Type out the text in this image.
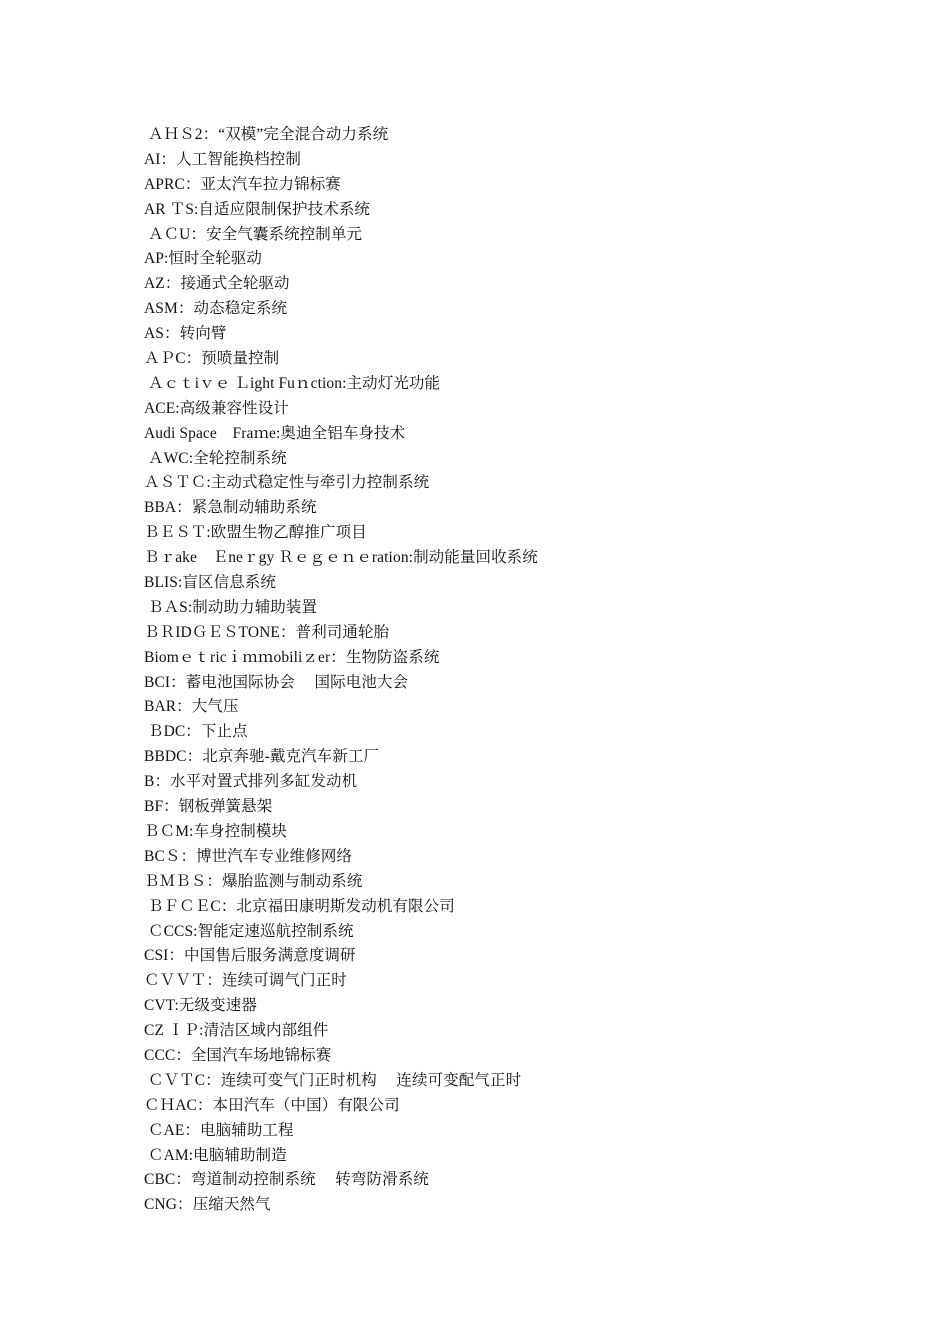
ＡＨＳ2：“双模”完全混合动力系统
AI：人工智能换档控制
APRC：亚太汽车拉力锦标赛
AR ＴS:自适应限制保护技术系统
ＡＣU：安全气囊系统控制单元
AP:恒时全轮驱动
AZ：接通式全轮驱动
ASM：动态稳定系统
AS：转向臂
ＡＰC：预喷量控制
Ａｃｔiｖｅ Ｌight Fuｎction:主动灯光功能
ACE:高级兼容性设计
Audi Space　Fraｍe:奥迪全铝车身技术
ＡWC:全轮控制系统
ＡＳＴＣ:主动式稳定性与牵引力控制系统
BBA：紧急制动辅助系统
ＢＥＳＴ:欧盟生物乙醇推广项目
Ｂｒake　Ｅneｒgy Ｒｅｇｅｎｅration:制动能量回收系统
BLIS:盲区信息系统
ＢＡS:制动助力辅助装置
ＢＲIDＧＥＳTONE：普利司通轮胎
Biomｅｔricｉｍｍobiliｚer：生物防盗系统
BCI：蓄电池国际协会　 国际电池大会
BAR：大气压
ＢDC：下止点
BBDC：北京奔驰-戴克汽车新工厂
B：水平对置式排列多缸发动机
BF：钢板弹簧悬架
ＢＣM:车身控制模块
BCＳ：博世汽车专业维修网络
ＢＭＢＳ：爆胎监测与制动系统
ＢＦＣＥC：北京福田康明斯发动机有限公司
ＣCCS:智能定速巡航控制系统
CSI：中国售后服务满意度调研
ＣＶＶＴ：连续可调气门正时
CVT:无级变速器
CZ ＩＰ:清洁区域内部组件
CCC：全国汽车场地锦标赛
ＣＶＴC：连续可变气门正时机构　 连续可变配气正时
ＣＨAC：本田汽车（中国）有限公司
ＣAE：电脑辅助工程
ＣAM:电脑辅助制造
CBC：弯道制动控制系统　 转弯防滑系统
CNG：压缩天然气
